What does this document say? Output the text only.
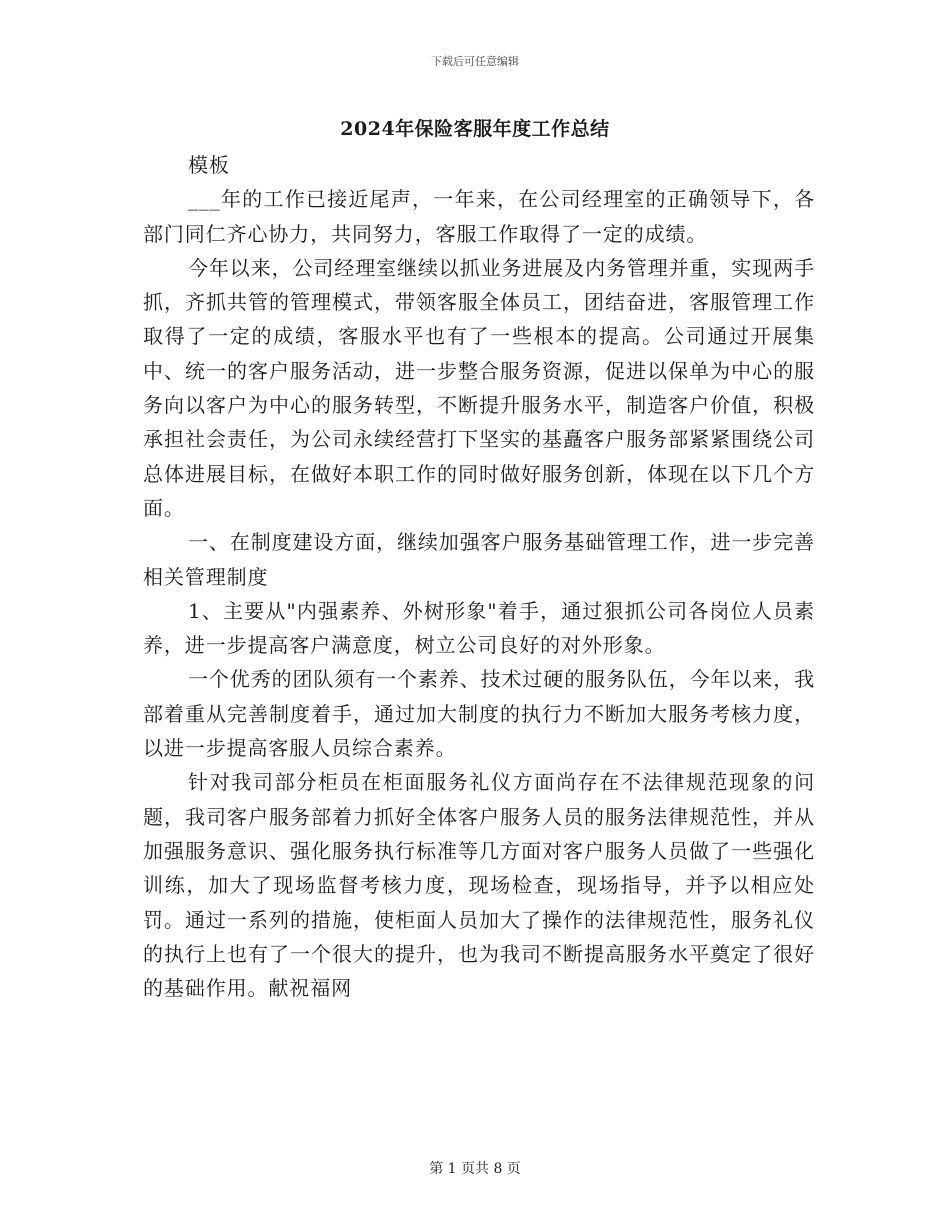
下载后可任意编辑
2024年保险客服年度工作总结

模板

___年的工作已接近尾声，一年来，在公司经理室的正确领导下，各部门同仁齐心协力，共同努力，客服工作取得了一定的成绩。

今年以来，公司经理室继续以抓业务进展及内务管理并重，实现两手抓，齐抓共管的管理模式，带领客服全体员工，团结奋进，客服管理工作取得了一定的成绩，客服水平也有了一些根本的提高。公司通过开展集中、统一的客户服务活动，进一步整合服务资源，促进以保单为中心的服务向以客户为中心的服务转型，不断提升服务水平，制造客户价值，积极承担社会责任，为公司永续经营打下坚实的基矗客户服务部紧紧围绕公司总体进展目标，在做好本职工作的同时做好服务创新，体现在以下几个方面。

一、在制度建设方面，继续加强客户服务基础管理工作，进一步完善相关管理制度

1、主要从"内强素养、外树形象"着手，通过狠抓公司各岗位人员素养，进一步提高客户满意度，树立公司良好的对外形象。

一个优秀的团队须有一个素养、技术过硬的服务队伍，今年以来，我部着重从完善制度着手，通过加大制度的执行力不断加大服务考核力度，以进一步提高客服人员综合素养。

针对我司部分柜员在柜面服务礼仪方面尚存在不法律规范现象的问题，我司客户服务部着力抓好全体客户服务人员的服务法律规范性，并从加强服务意识、强化服务执行标准等几方面对客户服务人员做了一些强化训练，加大了现场监督考核力度，现场检查，现场指导，并予以相应处罚。通过一系列的措施，使柜面人员加大了操作的法律规范性，服务礼仪的执行上也有了一个很大的提升，也为我司不断提高服务水平奠定了很好的基础作用。献祝福网

第 1 页共 8 页
